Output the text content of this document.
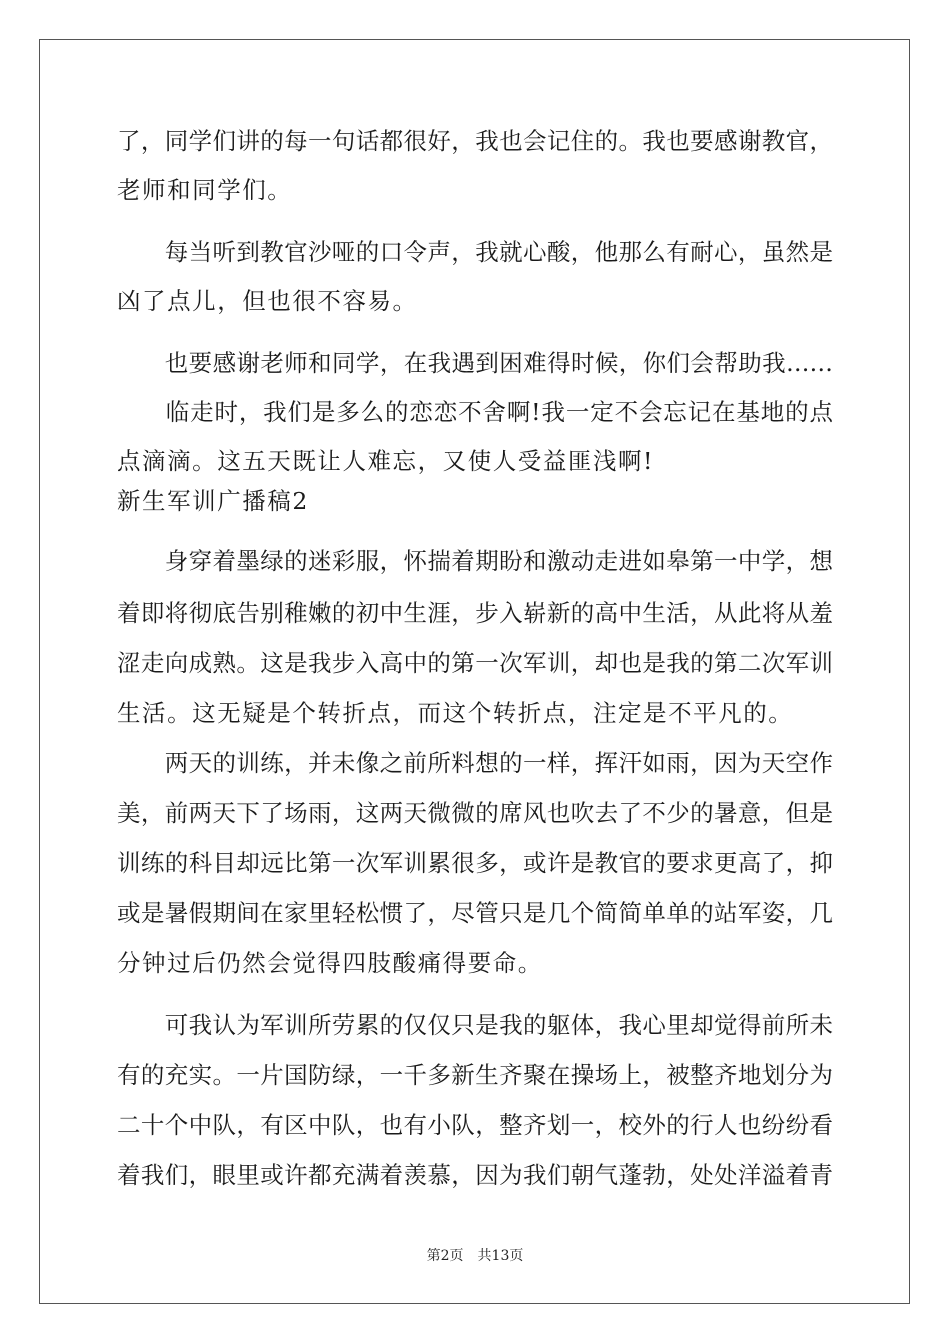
了，同学们讲的每一句话都很好，我也会记住的。我也要感谢教官，
老师和同学们。
　　每当听到教官沙哑的口令声，我就心酸，他那么有耐心，虽然是
凶了点儿，但也很不容易。
　　也要感谢老师和同学，在我遇到困难得时候，你们会帮助我……
　　临走时，我们是多么的恋恋不舍啊!我一定不会忘记在基地的点
点滴滴。这五天既让人难忘，又使人受益匪浅啊!
新生军训广播稿2
　　身穿着墨绿的迷彩服，怀揣着期盼和激动走进如皋第一中学，想
着即将彻底告别稚嫩的初中生涯，步入崭新的高中生活，从此将从羞
涩走向成熟。这是我步入高中的第一次军训，却也是我的第二次军训
生活。这无疑是个转折点，而这个转折点，注定是不平凡的。
　　两天的训练，并未像之前所料想的一样，挥汗如雨，因为天空作
美，前两天下了场雨，这两天微微的席风也吹去了不少的暑意，但是
训练的科目却远比第一次军训累很多，或许是教官的要求更高了，抑
或是暑假期间在家里轻松惯了，尽管只是几个简简单单的站军姿，几
分钟过后仍然会觉得四肢酸痛得要命。
　　可我认为军训所劳累的仅仅只是我的躯体，我心里却觉得前所未
有的充实。一片国防绿，一千多新生齐聚在操场上，被整齐地划分为
二十个中队，有区中队，也有小队，整齐划一，校外的行人也纷纷看
着我们，眼里或许都充满着羡慕，因为我们朝气蓬勃，处处洋溢着青
第2页 共13页
